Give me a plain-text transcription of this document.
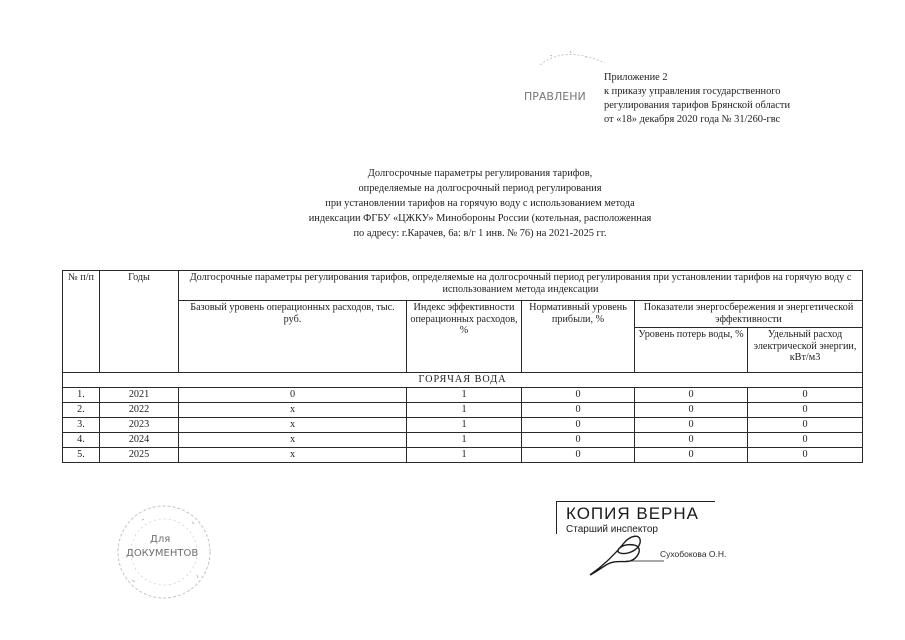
Приложение 2
к приказу управления государственного
регулирования тарифов Брянской области
от «18» декабря 2020 года № 31/260-гвс
ПРАВЛЕНИ
Долгосрочные параметры регулирования тарифов,
определяемые на долгосрочный период регулирования
при установлении тарифов на горячую воду с использованием метода
индексации ФГБУ «ЦЖКУ» Минобороны России (котельная, расположенная
по адресу: г.Карачев, 6а: в/г 1 инв. № 76) на 2021-2025 гг.
№ п/п	Годы	Долгосрочные параметры регулирования тарифов, определяемые на долгосрочный период регулирования при установлении тарифов на горячую воду с использованием метода индексации				
		Базовый уровень операционных расходов, тыс. руб.	Индекс эффективности операционных расходов, %	Нормативный уровень прибыли, %	Показатели энергосбережения и энергетической эффективности	
					Уровень потерь воды, %	Удельный расход электрической энергии, кВт/м3
ГОРЯЧАЯ ВОДА						
1.	2021	0	1	0	0	0
2.	2022	х	1	0	0	0
3.	2023	х	1	0	0	0
4.	2024	х	1	0	0	0
5.	2025	х	1	0	0	0
Для
ДОКУМЕНТОВ
КОПИЯ ВЕРНА
Старший инспектор
Сухобокова О.Н.
